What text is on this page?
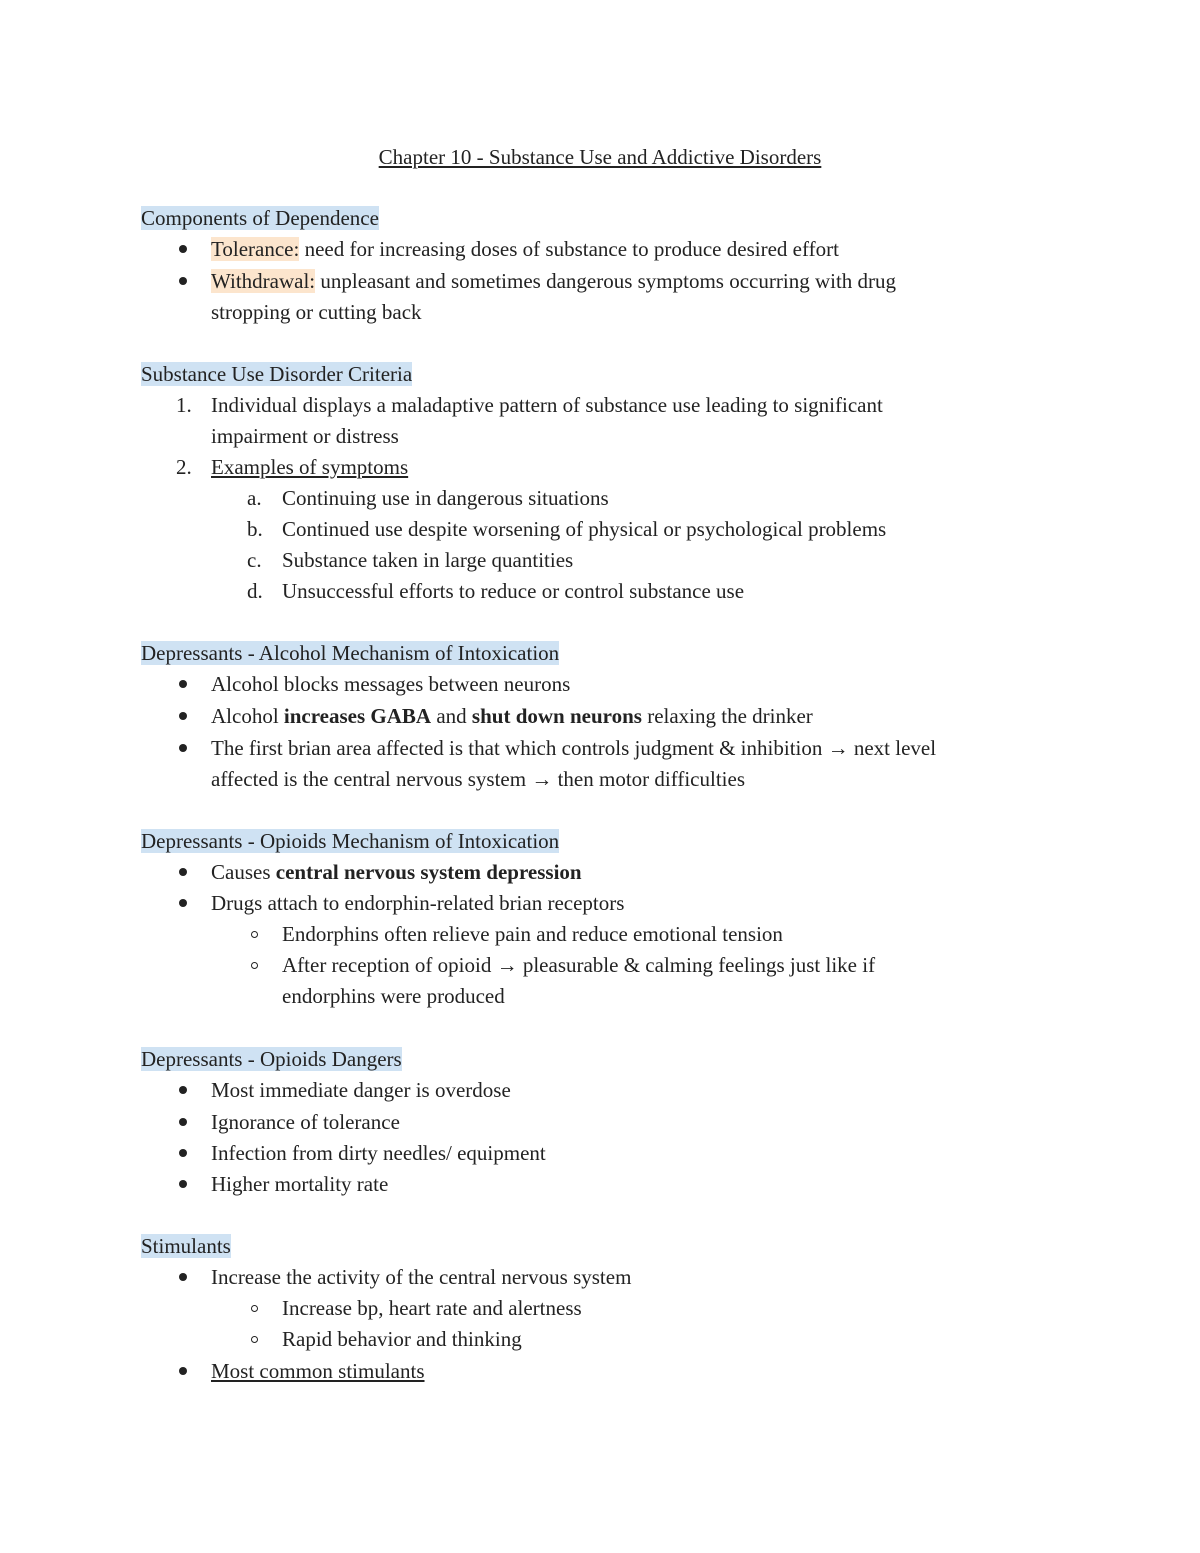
Chapter 10 - Substance Use and Addictive Disorders
Components of Dependence
Tolerance: need for increasing doses of substance to produce desired effort
Withdrawal: unpleasant and sometimes dangerous symptoms occurring with drug
stropping or cutting back
Substance Use Disorder Criteria
1. Individual displays a maladaptive pattern of substance use leading to significant
impairment or distress
2. Examples of symptoms
a. Continuing use in dangerous situations
b. Continued use despite worsening of physical or psychological problems
c. Substance taken in large quantities
d. Unsuccessful efforts to reduce or control substance use
Depressants - Alcohol Mechanism of Intoxication
Alcohol blocks messages between neurons
Alcohol increases GABA and shut down neurons relaxing the drinker
The first brian area affected is that which controls judgment & inhibition → next level
affected is the central nervous system → then motor difficulties
Depressants - Opioids Mechanism of Intoxication
Causes central nervous system depression
Drugs attach to endorphin-related brian receptors
Endorphins often relieve pain and reduce emotional tension
After reception of opioid → pleasurable & calming feelings just like if
endorphins were produced
Depressants - Opioids Dangers
Most immediate danger is overdose
Ignorance of tolerance
Infection from dirty needles/ equipment
Higher mortality rate
Stimulants
Increase the activity of the central nervous system
Increase bp, heart rate and alertness
Rapid behavior and thinking
Most common stimulants
